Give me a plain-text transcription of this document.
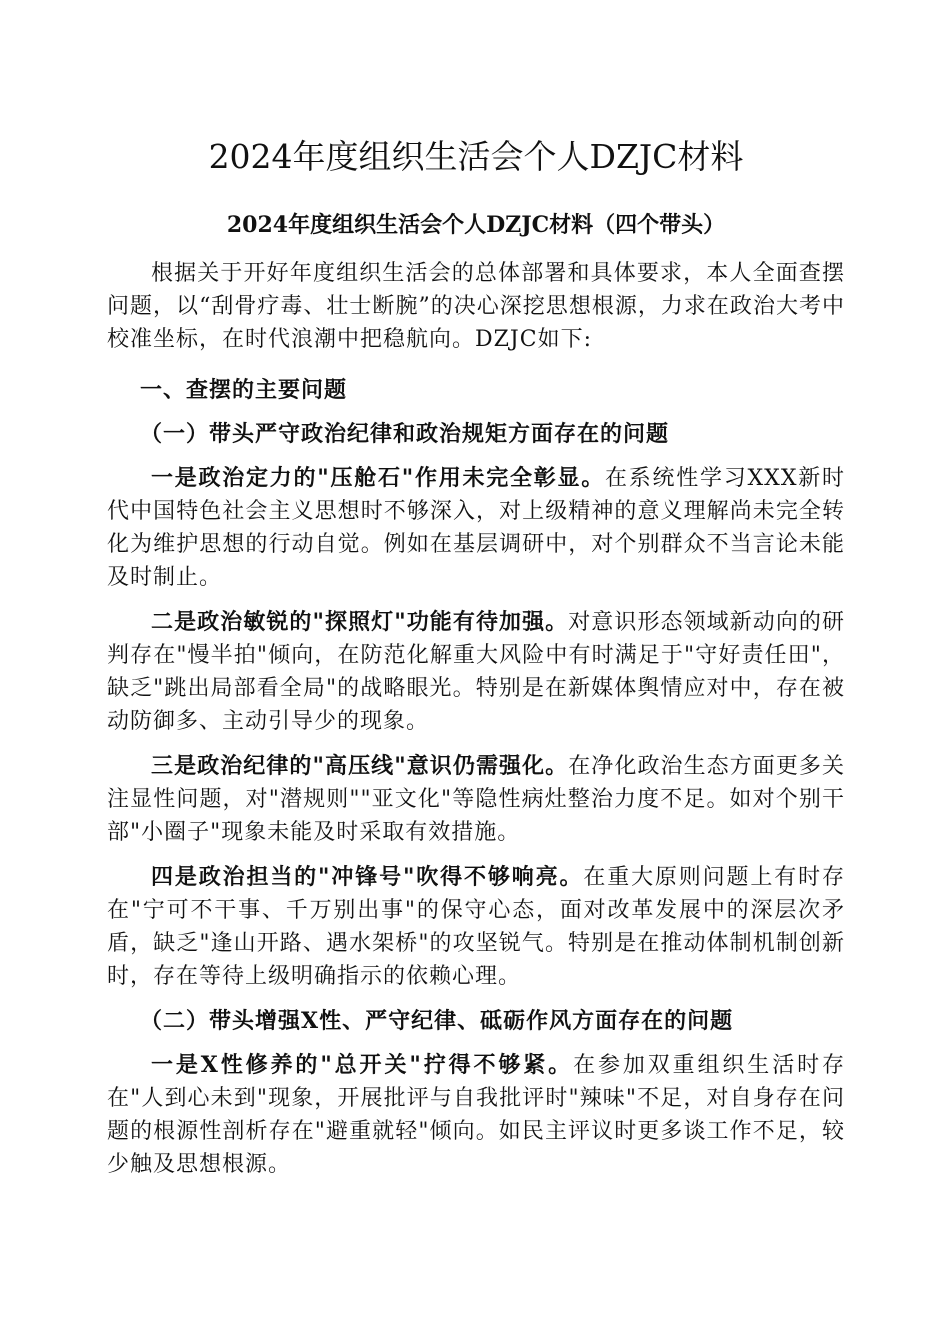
2024年度组织生活会个人DZJC材料
2024年度组织生活会个人DZJC材料（四个带头）

根据关于开好年度组织生活会的总体部署和具体要求，本人全面查摆问题，以“刮骨疗毒、壮士断腕”的决心深挖思想根源，力求在政治大考中校准坐标，在时代浪潮中把稳航向。DZJC如下:

一、查摆的主要问题
（一）带头严守政治纪律和政治规矩方面存在的问题

一是政治定力的"压舱石"作用未完全彰显。在系统性学习XXX新时代中国特色社会主义思想时不够深入，对上级精神的意义理解尚未完全转化为维护思想的行动自觉。例如在基层调研中，对个别群众不当言论未能及时制止。

二是政治敏锐的"探照灯"功能有待加强。对意识形态领域新动向的研判存在"慢半拍"倾向，在防范化解重大风险中有时满足于"守好责任田"，缺乏"跳出局部看全局"的战略眼光。特别是在新媒体舆情应对中，存在被动防御多、主动引导少的现象。

三是政治纪律的"高压线"意识仍需强化。在净化政治生态方面更多关注显性问题，对"潜规则""亚文化"等隐性病灶整治力度不足。如对个别干部"小圈子"现象未能及时采取有效措施。

四是政治担当的"冲锋号"吹得不够响亮。在重大原则问题上有时存在"宁可不干事、千万别出事"的保守心态，面对改革发展中的深层次矛盾，缺乏"逢山开路、遇水架桥"的攻坚锐气。特别是在推动体制机制创新时，存在等待上级明确指示的依赖心理。

（二）带头增强X性、严守纪律、砥砺作风方面存在的问题

一是X性修养的"总开关"拧得不够紧。在参加双重组织生活时存在"人到心未到"现象，开展批评与自我批评时"辣味"不足，对自身存在问题的根源性剖析存在"避重就轻"倾向。如民主评议时更多谈工作不足，较少触及思想根源。
